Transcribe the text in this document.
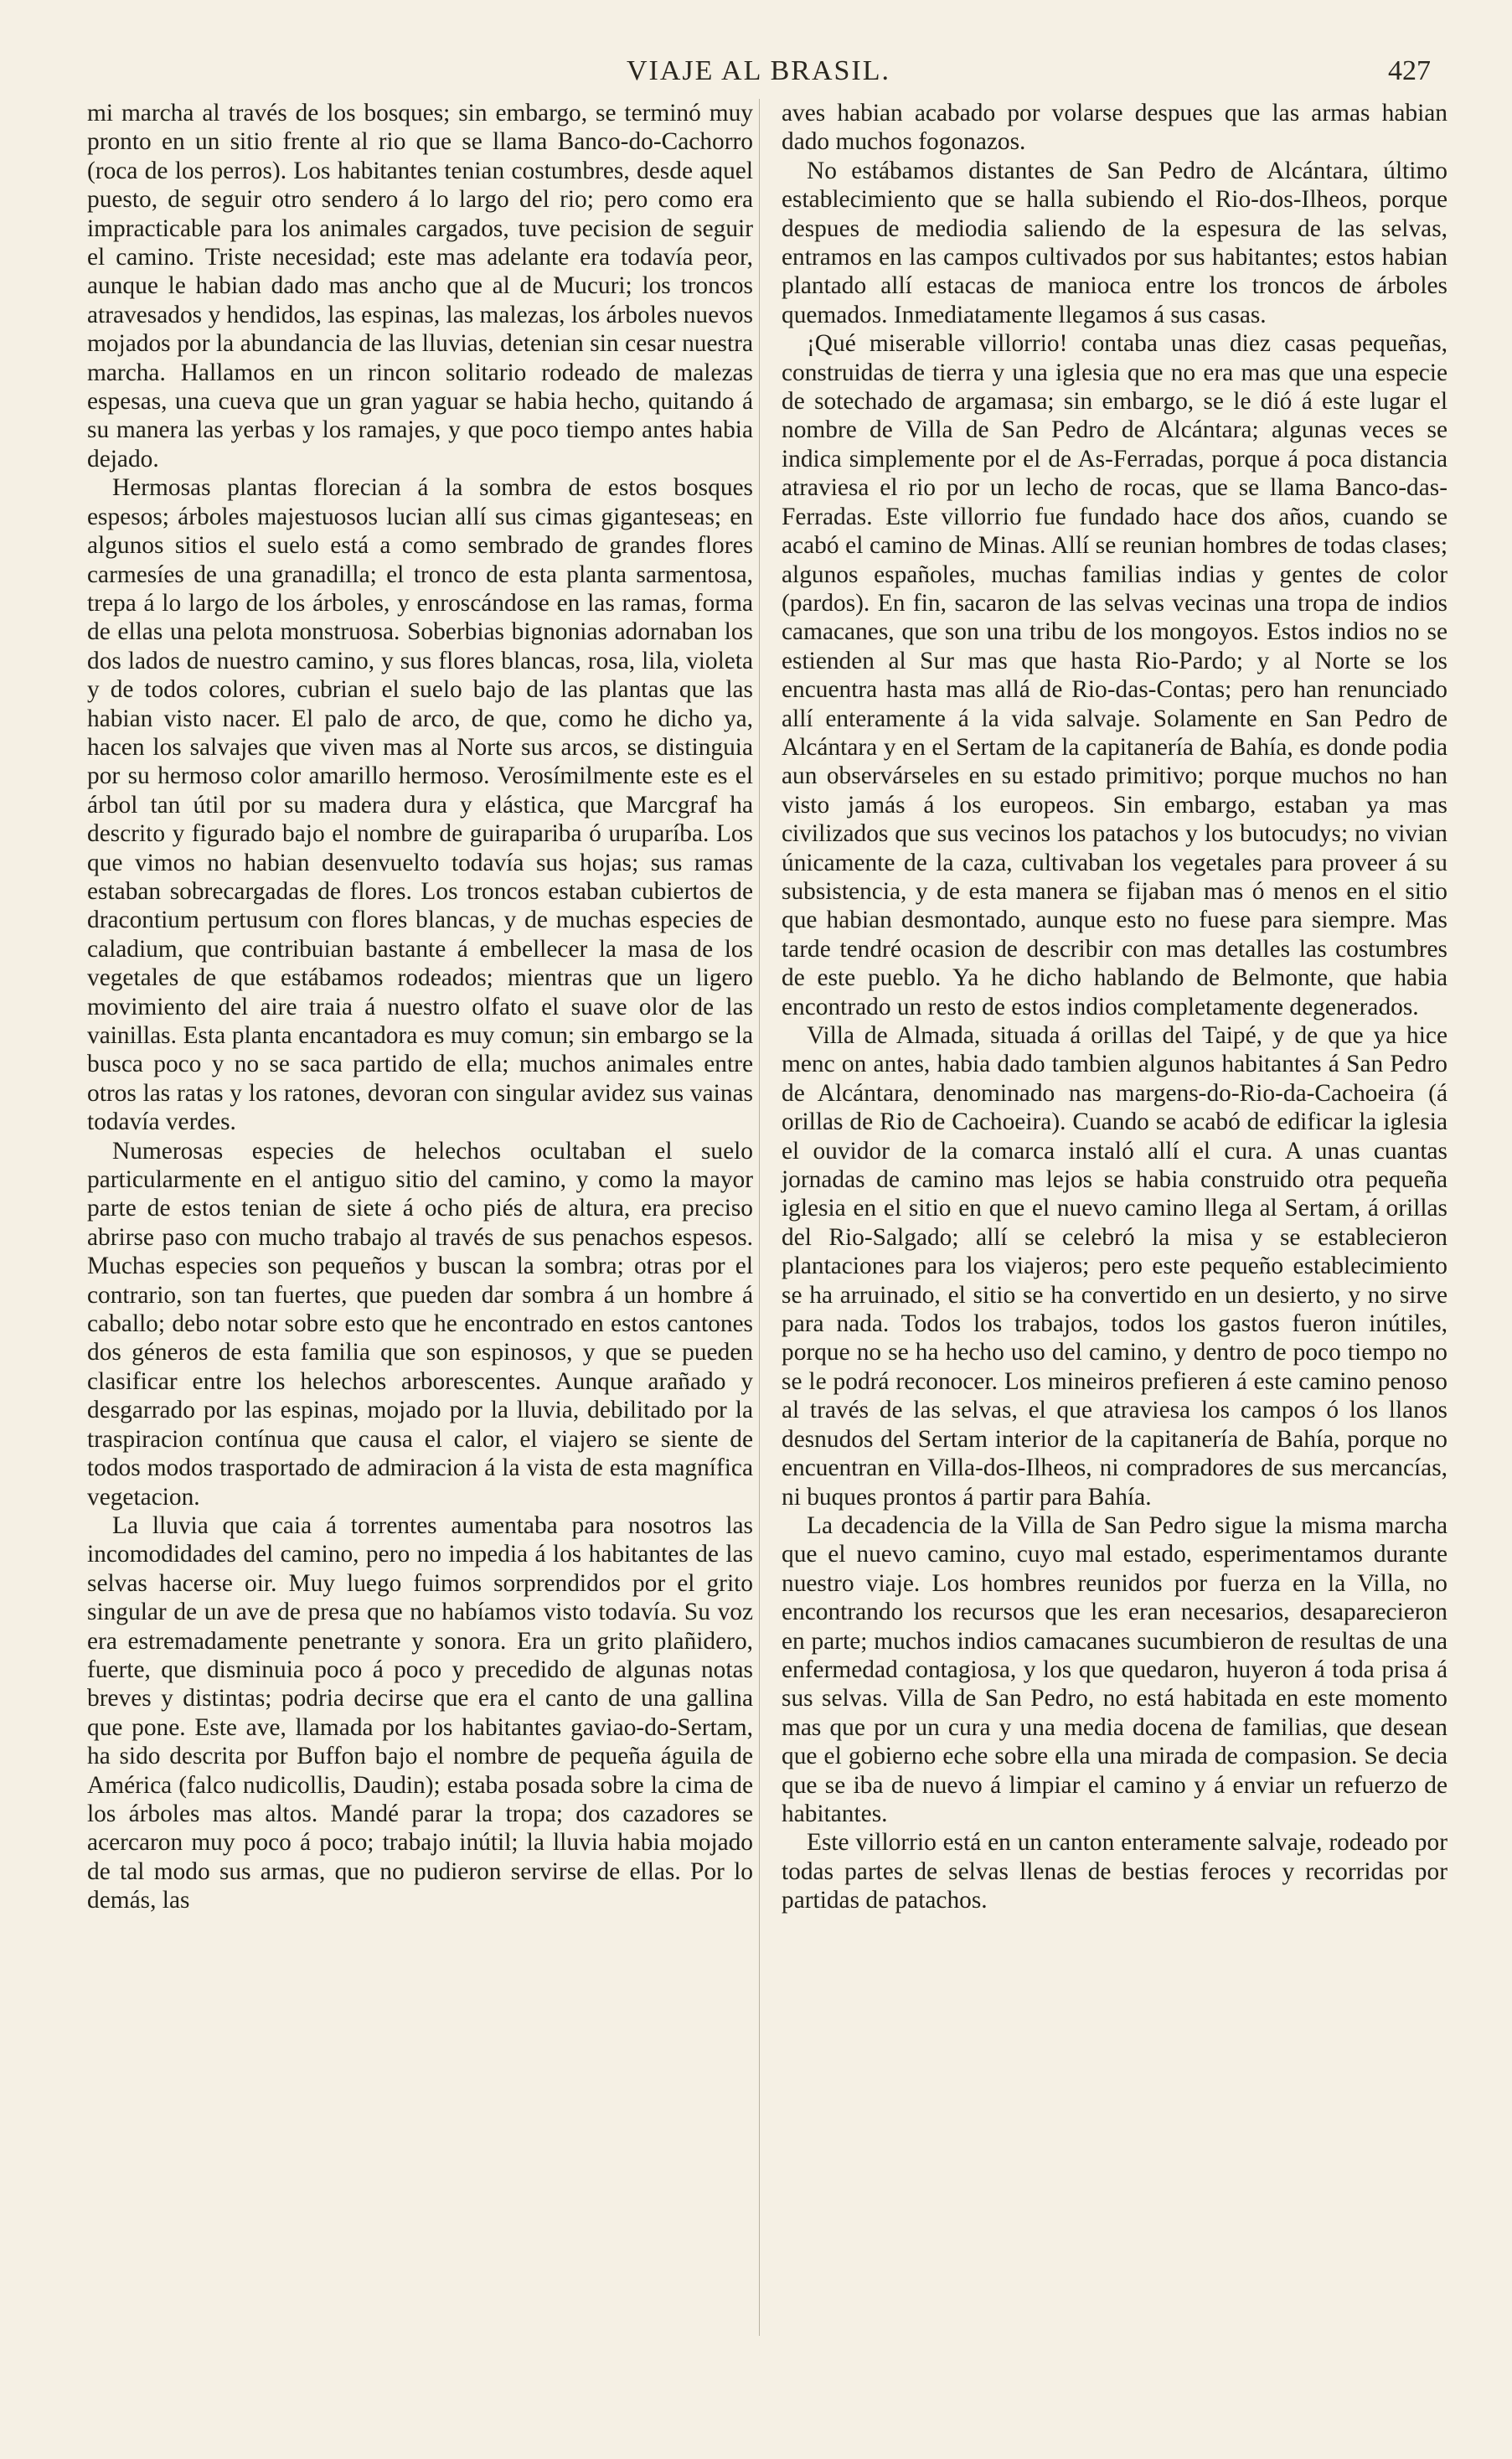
VIAJE AL BRASIL.	427

mi marcha al través de los bosques; sin embargo, se terminó muy pronto en un sitio frente al rio que se llama Banco-do-Cachorro (roca de los perros). Los habitantes tenian costumbres, desde aquel puesto, de seguir otro sendero á lo largo del rio; pero como era impracticable para los animales cargados, tuve pecision de seguir el camino. Triste necesidad; este mas adelante era todavía peor, aunque le habian dado mas ancho que al de Mucuri; los troncos atravesados y hendidos, las espinas, las malezas, los árboles nuevos mojados por la abundancia de las lluvias, detenian sin cesar nuestra marcha. Hallamos en un rincon solitario rodeado de malezas espesas, una cueva que un gran yaguar se habia hecho, quitando á su manera las yerbas y los ramajes, y que poco tiempo antes habia dejado.

Hermosas plantas florecian á la sombra de estos bosques espesos; árboles majestuosos lucian allí sus cimas giganteseas; en algunos sitios el suelo está a como sembrado de grandes flores carmesíes de una granadilla; el tronco de esta planta sarmentosa, trepa á lo largo de los árboles, y enroscándose en las ramas, forma de ellas una pelota monstruosa. Soberbias bignonias adornaban los dos lados de nuestro camino, y sus flores blancas, rosa, lila, violeta y de todos colores, cubrian el suelo bajo de las plantas que las habian visto nacer. El palo de arco, de que, como he dicho ya, hacen los salvajes que viven mas al Norte sus arcos, se distinguia por su hermoso color amarillo hermoso. Verosímilmente este es el árbol tan útil por su madera dura y elástica, que Marcgraf ha descrito y figurado bajo el nombre de guirapariba ó uruparíba. Los que vimos no habian desenvuelto todavía sus hojas; sus ramas estaban sobrecargadas de flores. Los troncos estaban cubiertos de dracontium pertusum con flores blancas, y de muchas especies de caladium, que contribuian bastante á embellecer la masa de los vegetales de que estábamos rodeados; mientras que un ligero movimiento del aire traia á nuestro olfato el suave olor de las vainillas. Esta planta encantadora es muy comun; sin embargo se la busca poco y no se saca partido de ella; muchos animales entre otros las ratas y los ratones, devoran con singular avidez sus vainas todavía verdes.

Numerosas especies de helechos ocultaban el suelo particularmente en el antiguo sitio del camino, y como la mayor parte de estos tenian de siete á ocho piés de altura, era preciso abrirse paso con mucho trabajo al través de sus penachos espesos. Muchas especies son pequeños y buscan la sombra; otras por el contrario, son tan fuertes, que pueden dar sombra á un hombre á caballo; debo notar sobre esto que he encontrado en estos cantones dos géneros de esta familia que son espinosos, y que se pueden clasificar entre los helechos arborescentes. Aunque arañado y desgarrado por las espinas, mojado por la lluvia, debilitado por la traspiracion contínua que causa el calor, el viajero se siente de todos modos trasportado de admiracion á la vista de esta magnífica vegetacion.

La lluvia que caia á torrentes aumentaba para nosotros las incomodidades del camino, pero no impedia á los habitantes de las selvas hacerse oir. Muy luego fuimos sorprendidos por el grito singular de un ave de presa que no habíamos visto todavía. Su voz era estremadamente penetrante y sonora. Era un grito plañidero, fuerte, que disminuia poco á poco y precedido de algunas notas breves y distintas; podria decirse que era el canto de una gallina que pone. Este ave, llamada por los habitantes gaviao-do-Sertam, ha sido descrita por Buffon bajo el nombre de pequeña águila de América (falco nudicollis, Daudin); estaba posada sobre la cima de los árboles mas altos. Mandé parar la tropa; dos cazadores se acercaron muy poco á poco; trabajo inútil; la lluvia habia mojado de tal modo sus armas, que no pudieron servirse de ellas. Por lo demás, las

aves habian acabado por volarse despues que las armas habian dado muchos fogonazos.

No estábamos distantes de San Pedro de Alcántara, último establecimiento que se halla subiendo el Rio-dos-Ilheos, porque despues de mediodia saliendo de la espesura de las selvas, entramos en las campos cultivados por sus habitantes; estos habian plantado allí estacas de manioca entre los troncos de árboles quemados. Inmediatamente llegamos á sus casas.

¡Qué miserable villorrio! contaba unas diez casas pequeñas, construidas de tierra y una iglesia que no era mas que una especie de sotechado de argamasa; sin embargo, se le dió á este lugar el nombre de Villa de San Pedro de Alcántara; algunas veces se indica simplemente por el de As-Ferradas, porque á poca distancia atraviesa el rio por un lecho de rocas, que se llama Banco-das-Ferradas. Este villorrio fue fundado hace dos años, cuando se acabó el camino de Minas. Allí se reunian hombres de todas clases; algunos españoles, muchas familias indias y gentes de color (pardos). En fin, sacaron de las selvas vecinas una tropa de indios camacanes, que son una tribu de los mongoyos. Estos indios no se estienden al Sur mas que hasta Rio-Pardo; y al Norte se los encuentra hasta mas allá de Rio-das-Contas; pero han renunciado allí enteramente á la vida salvaje. Solamente en San Pedro de Alcántara y en el Sertam de la capitanería de Bahía, es donde podia aun observárseles en su estado primitivo; porque muchos no han visto jamás á los europeos. Sin embargo, estaban ya mas civilizados que sus vecinos los patachos y los butocudys; no vivian únicamente de la caza, cultivaban los vegetales para proveer á su subsistencia, y de esta manera se fijaban mas ó menos en el sitio que habian desmontado, aunque esto no fuese para siempre. Mas tarde tendré ocasion de describir con mas detalles las costumbres de este pueblo. Ya he dicho hablando de Belmonte, que habia encontrado un resto de estos indios completamente degenerados.

Villa de Almada, situada á orillas del Taipé, y de que ya hice menc on antes, habia dado tambien algunos habitantes á San Pedro de Alcántara, denominado nas margens-do-Rio-da-Cachoeira (á orillas de Rio de Cachoeira). Cuando se acabó de edificar la iglesia el ouvidor de la comarca instaló allí el cura. A unas cuantas jornadas de camino mas lejos se habia construido otra pequeña iglesia en el sitio en que el nuevo camino llega al Sertam, á orillas del Rio-Salgado; allí se celebró la misa y se establecieron plantaciones para los viajeros; pero este pequeño establecimiento se ha arruinado, el sitio se ha convertido en un desierto, y no sirve para nada. Todos los trabajos, todos los gastos fueron inútiles, porque no se ha hecho uso del camino, y dentro de poco tiempo no se le podrá reconocer. Los mineiros prefieren á este camino penoso al través de las selvas, el que atraviesa los campos ó los llanos desnudos del Sertam interior de la capitanería de Bahía, porque no encuentran en Villa-dos-Ilheos, ni compradores de sus mercancías, ni buques prontos á partir para Bahía.

La decadencia de la Villa de San Pedro sigue la misma marcha que el nuevo camino, cuyo mal estado, esperimentamos durante nuestro viaje. Los hombres reunidos por fuerza en la Villa, no encontrando los recursos que les eran necesarios, desaparecieron en parte; muchos indios camacanes sucumbieron de resultas de una enfermedad contagiosa, y los que quedaron, huyeron á toda prisa á sus selvas. Villa de San Pedro, no está habitada en este momento mas que por un cura y una media docena de familias, que desean que el gobierno eche sobre ella una mirada de compasion. Se decia que se iba de nuevo á limpiar el camino y á enviar un refuerzo de habitantes.

Este villorrio está en un canton enteramente salvaje, rodeado por todas partes de selvas llenas de bestias feroces y recorridas por partidas de patachos.
